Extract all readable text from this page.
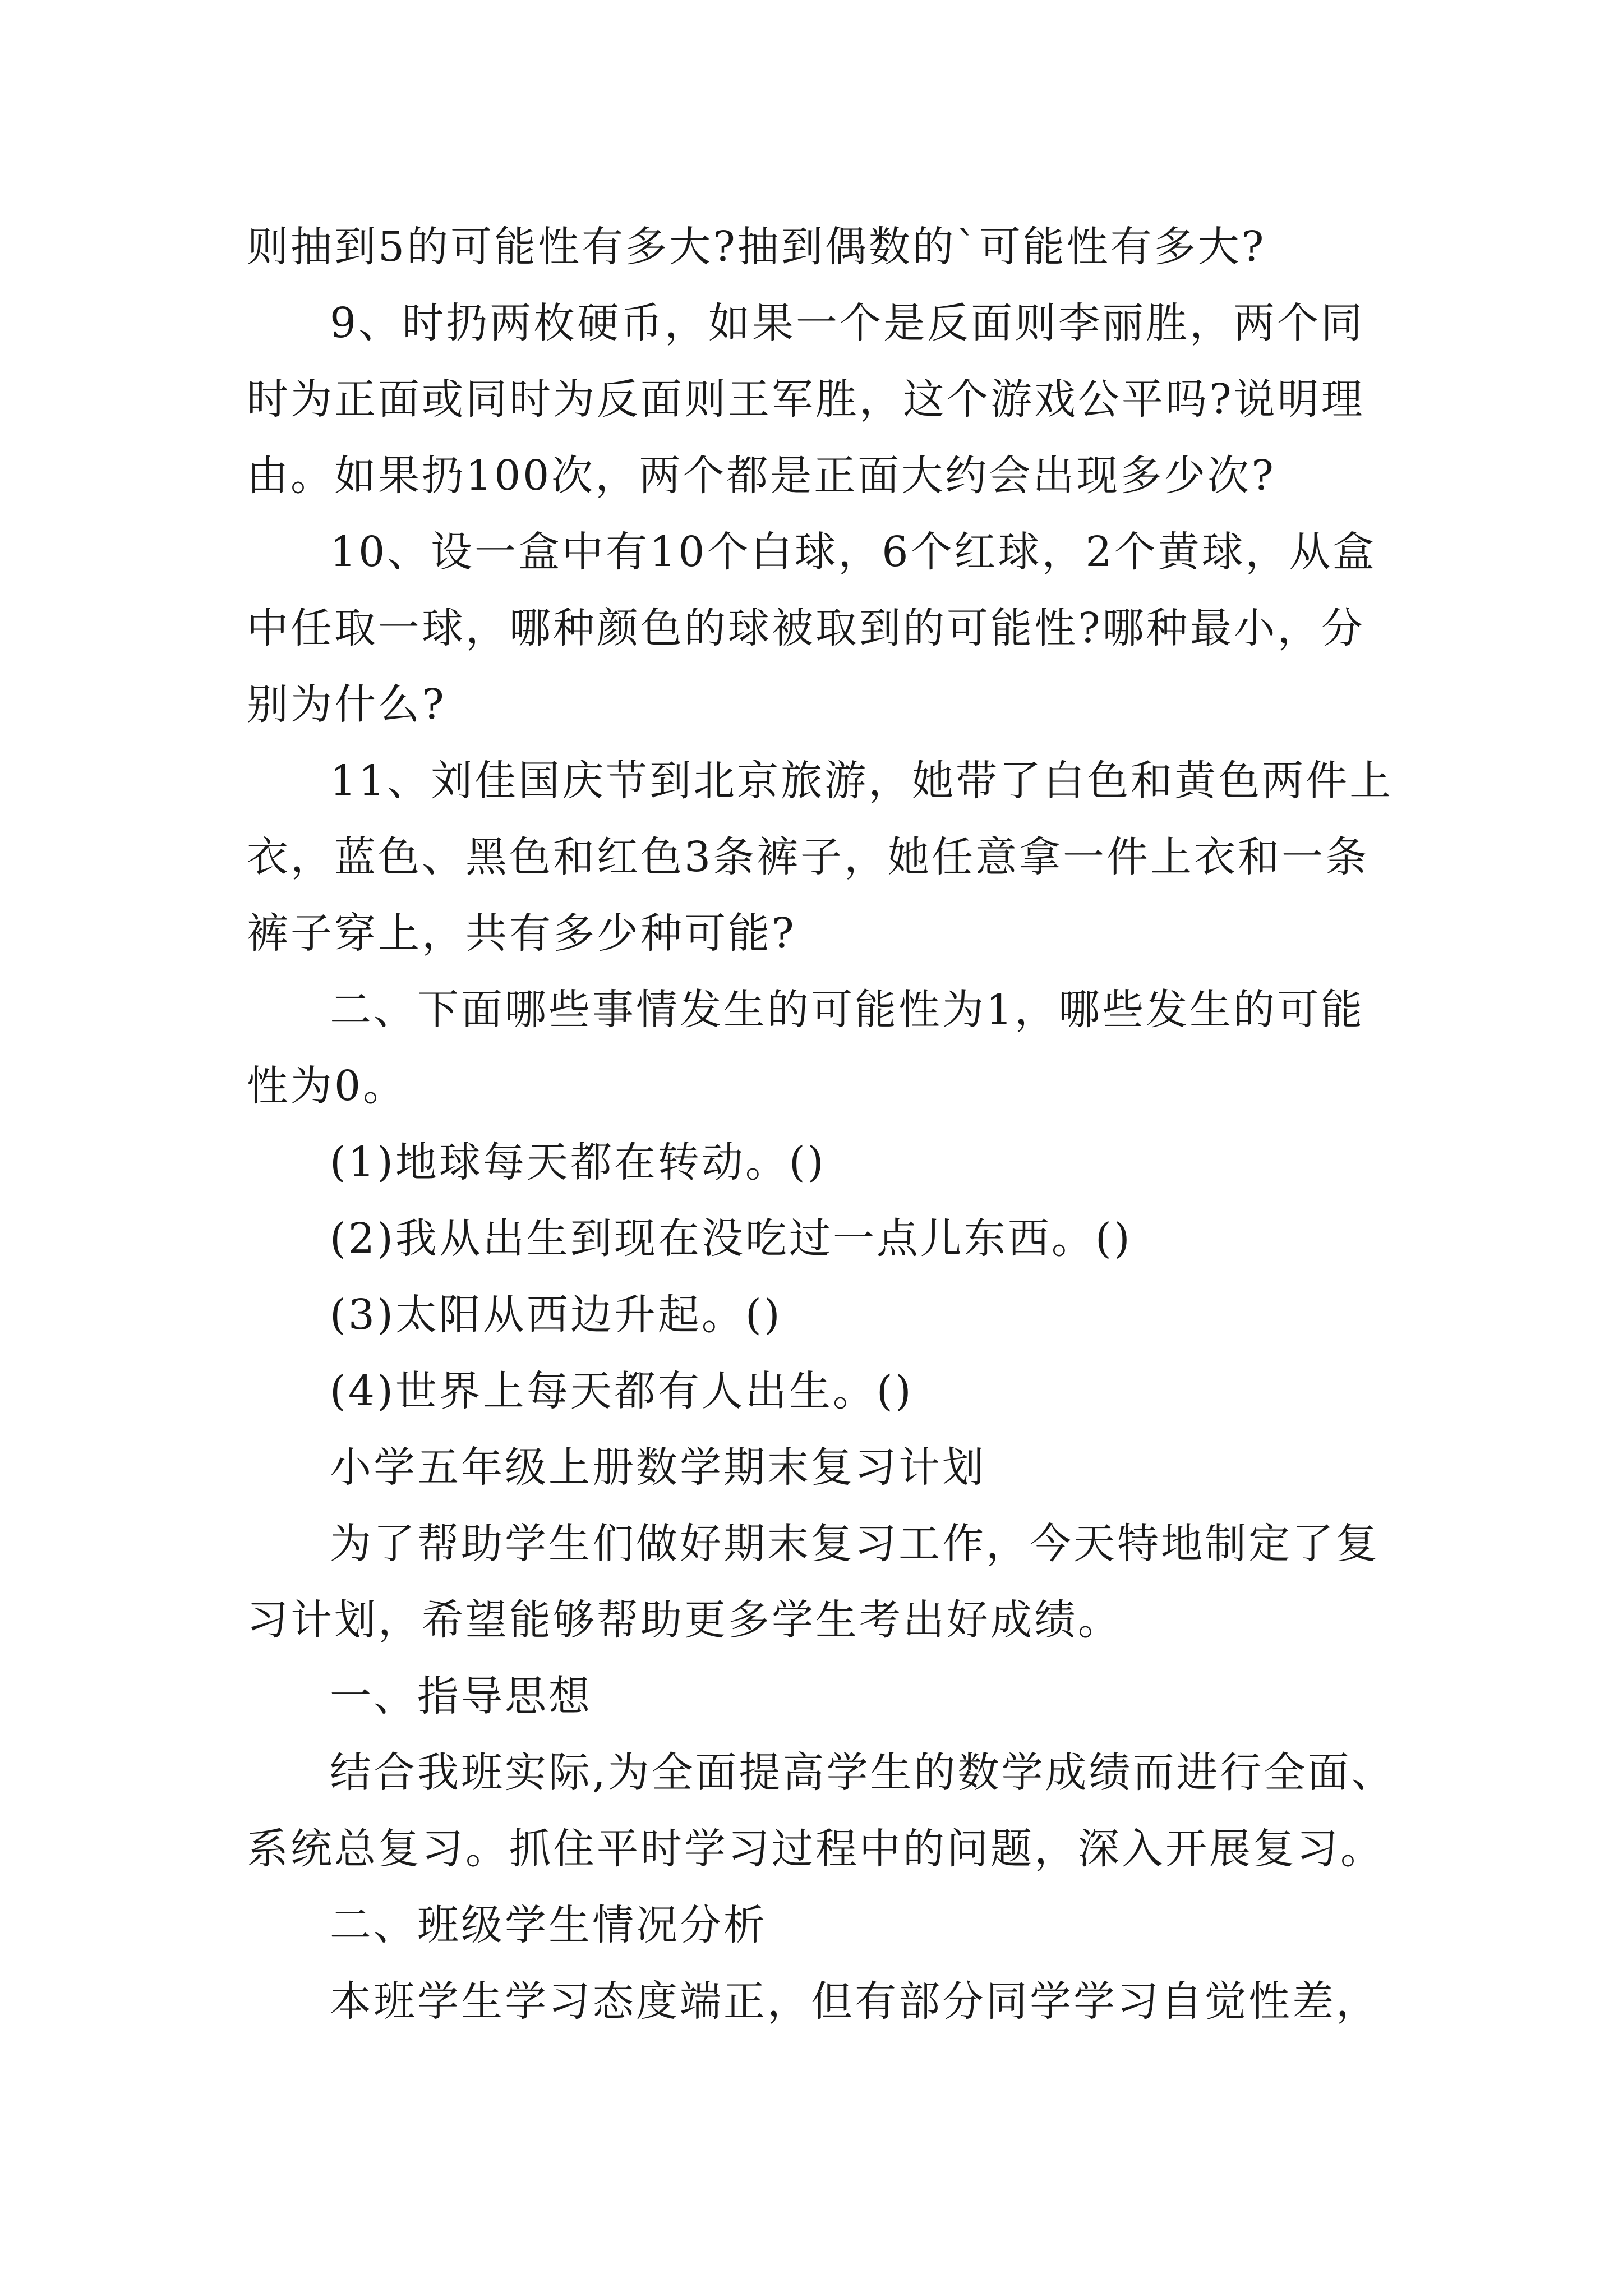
则抽到5的可能性有多大?抽到偶数的`可能性有多大?

9、时扔两枚硬币，如果一个是反面则李丽胜，两个同时为正面或同时为反面则王军胜，这个游戏公平吗?说明理由。如果扔100次，两个都是正面大约会出现多少次?

10、设一盒中有10个白球，6个红球，2个黄球，从盒中任取一球，哪种颜色的球被取到的可能性?哪种最小，分别为什么?

11、刘佳国庆节到北京旅游，她带了白色和黄色两件上衣，蓝色、黑色和红色3条裤子，她任意拿一件上衣和一条裤子穿上，共有多少种可能?

二、下面哪些事情发生的可能性为1，哪些发生的可能性为0。

(1)地球每天都在转动。()

(2)我从出生到现在没吃过一点儿东西。()

(3)太阳从西边升起。()

(4)世界上每天都有人出生。()

小学五年级上册数学期末复习计划

为了帮助学生们做好期末复习工作，今天特地制定了复习计划，希望能够帮助更多学生考出好成绩。

一、指导思想

结合我班实际,为全面提高学生的数学成绩而进行全面、系统总复习。抓住平时学习过程中的问题，深入开展复习。

二、班级学生情况分析

本班学生学习态度端正，但有部分同学学习自觉性差，
